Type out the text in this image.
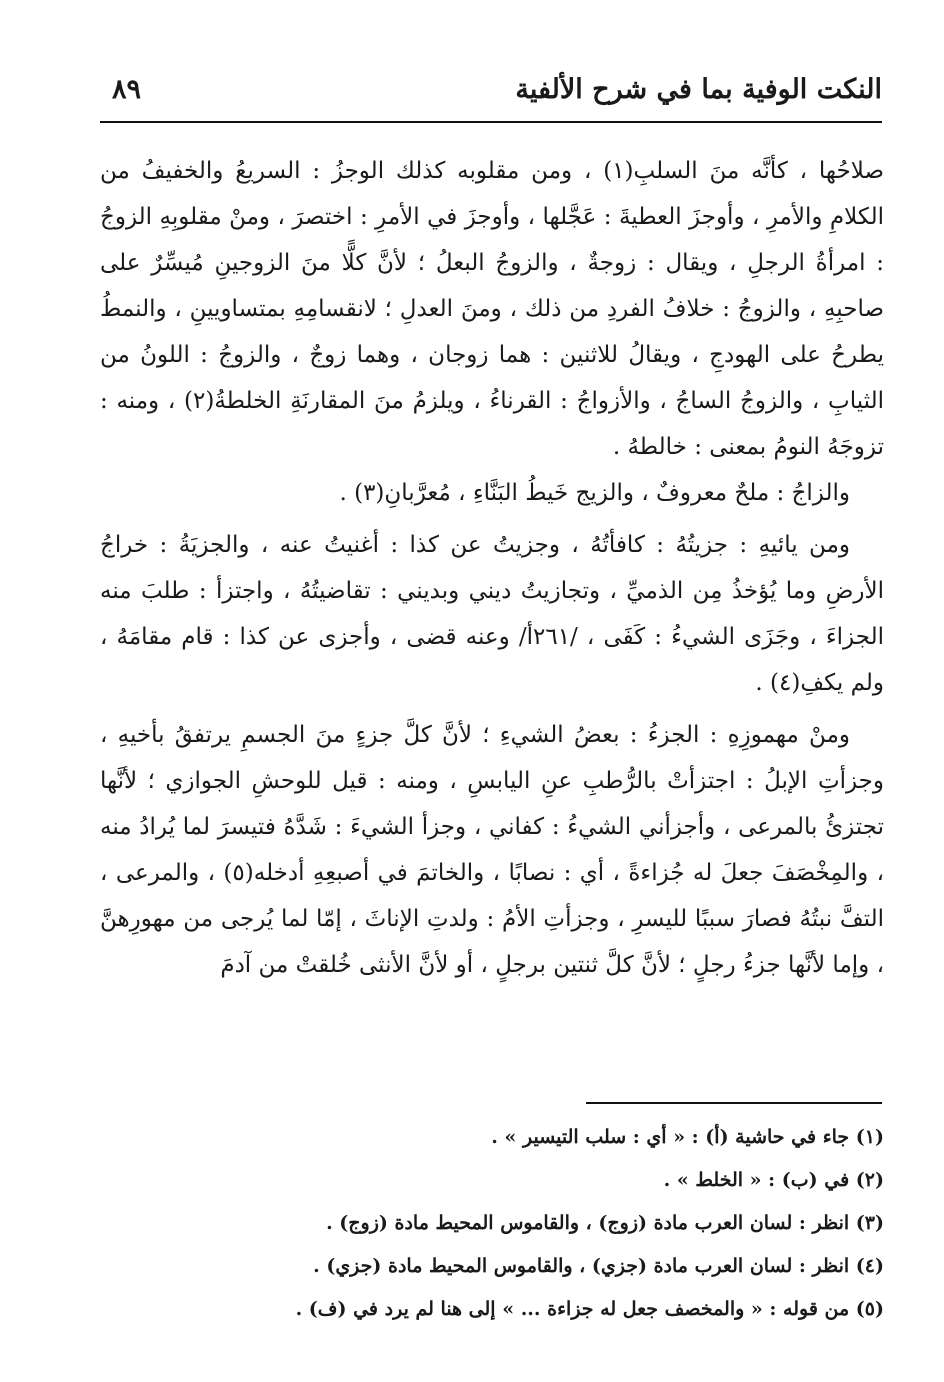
النكت الوفية بما في شرح الألفية
٨٩

صلاحُها ، كأنَّه منَ السلبِ(١) ، ومن مقلوبه كذلك الوجزُ : السريعُ والخفيفُ من الكلامِ والأمرِ ، وأوجزَ العطيةَ : عَجَّلها ، وأوجزَ في الأمرِ : اختصرَ ، ومنْ مقلوبِهِ الزوجُ : امرأةُ الرجلِ ، ويقال : زوجةٌ ، والزوجُ البعلُ ؛ لأنَّ كلًّا منَ الزوجينِ مُيسِّرٌ على صاحبِهِ ، والزوجُ : خلافُ الفردِ من ذلك ، ومنَ العدلِ ؛ لانقسامِهِ بمتساويينِ ، والنمطُ يطرحُ على الهودجِ ، ويقالُ للاثنين : هما زوجان ، وهما زوجٌ ، والزوجُ : اللونُ من الثيابِ ، والزوجُ الساجُ ، والأزواجُ : القرناءُ ، ويلزمُ منَ المقارنَةِ الخلطةُ(٢) ، ومنه : تزوجَهُ النومُ بمعنى : خالطهُ .

والزاجُ : ملحٌ معروفٌ ، والزيج خَيطُ البَنَّاءِ ، مُعرَّبانِ(٣) .

ومن يائيهِ : جزيتُهُ : كافأتُهُ ، وجزيتُ عن كذا : أغنيتُ عنه ، والجزيَةُ : خراجُ الأرضِ وما يُؤخذُ مِن الذميِّ ، وتجازيتُ ديني وبديني : تقاضيتُهُ ، واجتزأ : طلبَ منه الجزاءَ ، وجَزَى الشيءُ : كَفَى ، /٢٦١أ/ وعنه قضى ، وأجزى عن كذا : قام مقامَهُ ، ولم يكفِ(٤) .

ومنْ مهموزِهِ : الجزءُ : بعضُ الشيءِ ؛ لأنَّ كلَّ جزءٍ منَ الجسمِ يرتفقُ بأخيهِ ، وجزأتِ الإبلُ : اجتزأتْ بالرُّطبِ عنِ اليابسِ ، ومنه : قيل للوحشِ الجوازي ؛ لأنَّها تجتزئُ بالمرعى ، وأجزأني الشيءُ : كفاني ، وجزأ الشيءَ : شَدَّهُ فتيسرَ لما يُرادُ منه ، والمِخْصَفَ جعلَ له جُزاءةً ، أي : نصابًا ، والخاتمَ في أصبعِهِ أدخله(٥) ، والمرعى ، التفَّ نبتُهُ فصارَ سببًا لليسرِ ، وجزأتِ الأمُ : ولدتِ الإناثَ ، إمّا لما يُرجى من مهورِهنَّ ، وإما لأنَّها جزءُ رجلٍ ؛ لأنَّ كلَّ ثنتين برجلٍ ، أو لأنَّ الأنثى خُلقتْ من آدمَ

(١) جاء في حاشية (أ) : « أي : سلب التيسير » .

(٢) في (ب) : « الخلط » .

(٣) انظر : لسان العرب مادة (زوج) ، والقاموس المحيط مادة (زوج) .

(٤) انظر : لسان العرب مادة (جزي) ، والقاموس المحيط مادة (جزي) .

(٥) من قوله : « والمخصف جعل له جزاءة ... » إلى هنا لم يرد في (ف) .
